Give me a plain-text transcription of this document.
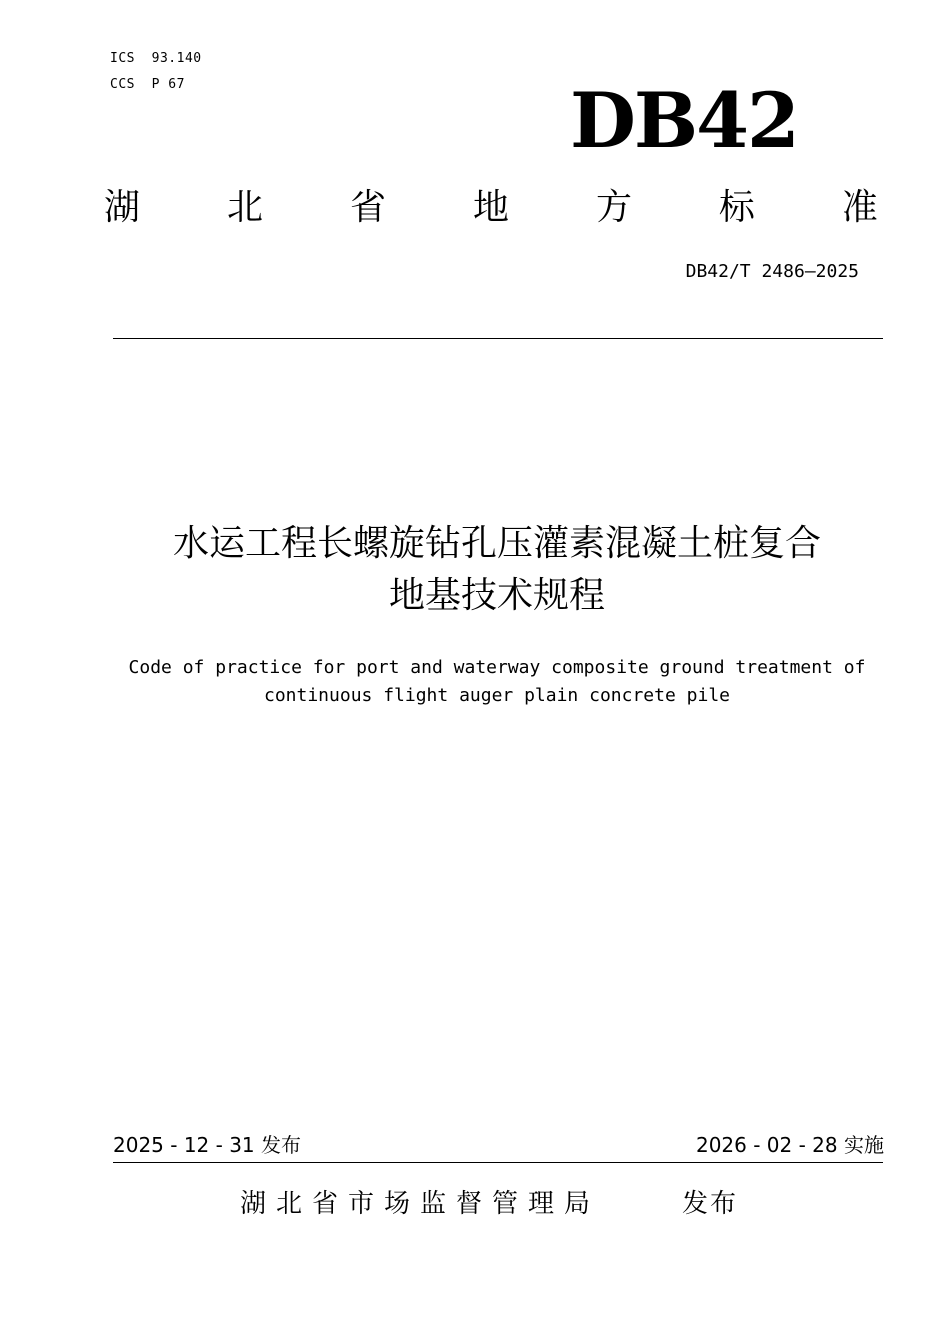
ICS  93.140
CCS  P 67	DB42
湖 北 省 地 方 标 准
DB42/T 2486—2025
水运工程长螺旋钻孔压灌素混凝土桩复合
地基技术规程
Code of practice for port and waterway composite ground treatment of
continuous flight auger plain concrete pile
2025 - 12 - 31 发布	2026 - 02 - 28 实施
湖北省市场监督管理局	发布
